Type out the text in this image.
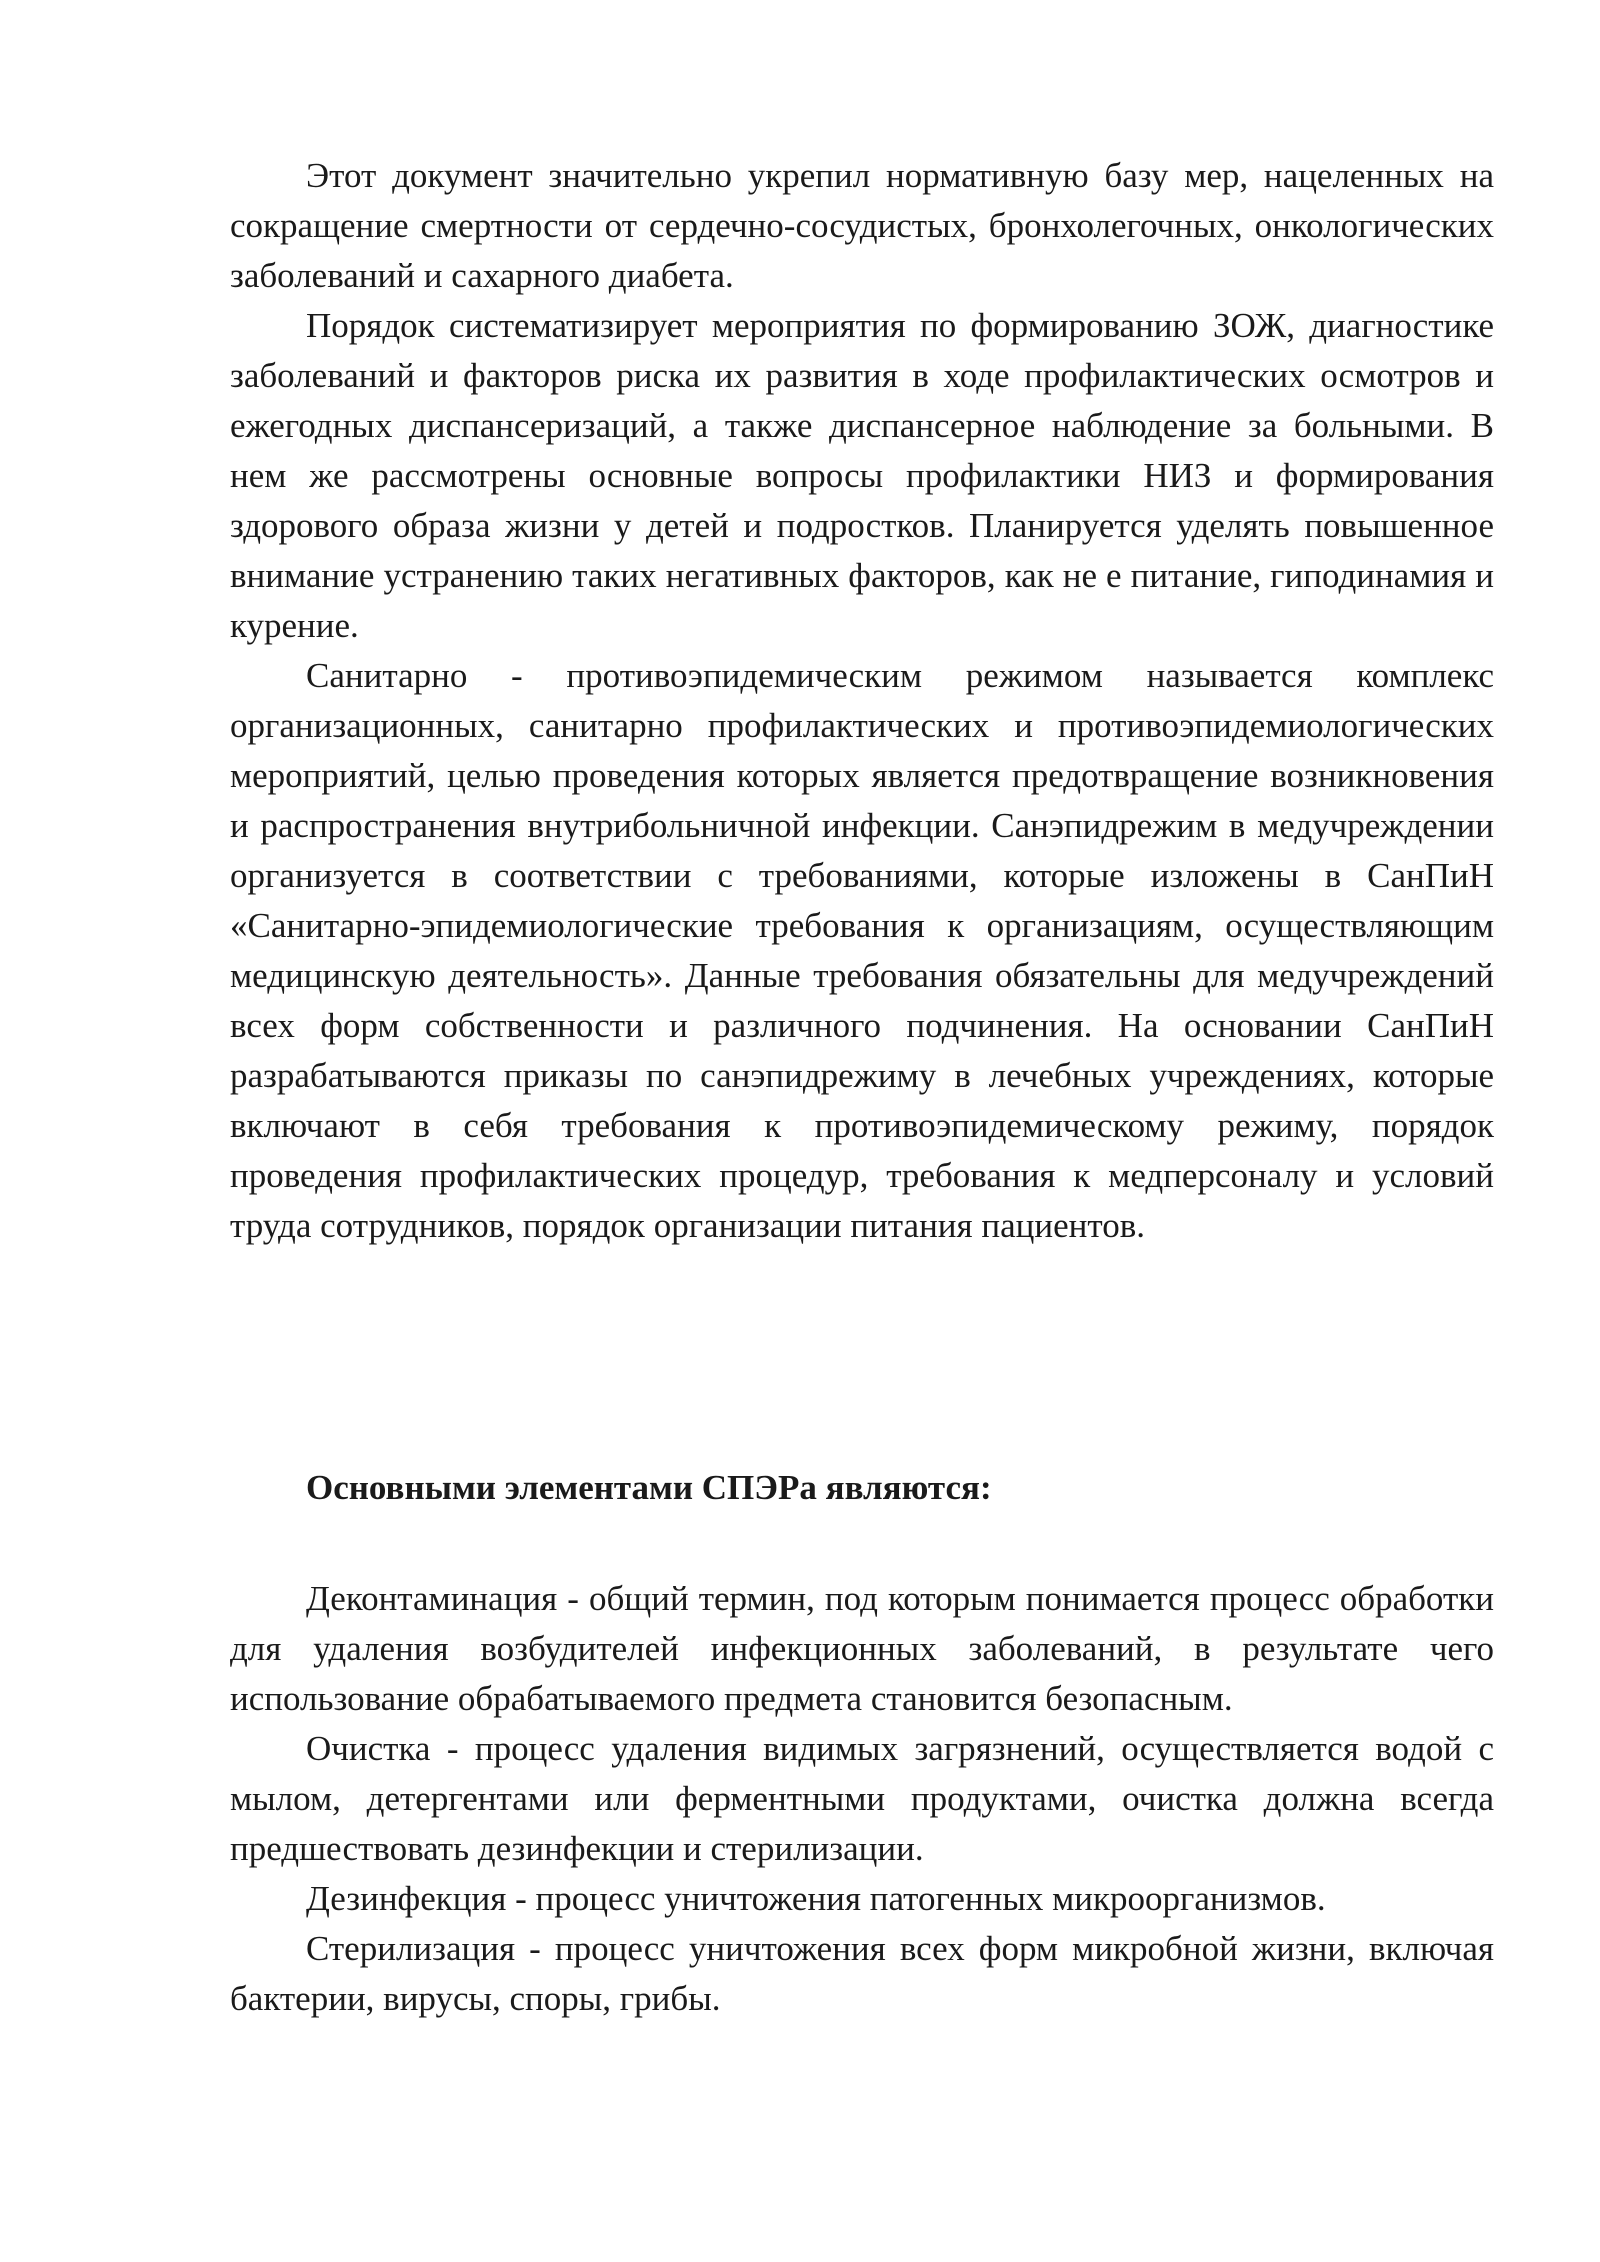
Этот документ значительно укрепил нормативную базу мер, нацеленных на сокращение смертности от сердечно-сосудистых, бронхолегочных, онкологических заболеваний и сахарного диабета.

Порядок систематизирует мероприятия по формированию ЗОЖ, диагностике заболеваний и факторов риска их развития в ходе профилактических осмотров и ежегодных диспансеризаций, а также диспансерное наблюдение за больными. В нем же рассмотрены основные вопросы профилактики НИЗ и формирования здорового образа жизни у детей и подростков. Планируется уделять повышенное внимание устранению таких негативных факторов, как не е питание, гиподинамия и курение.

Санитарно - противоэпидемическим режимом называется комплекс организационных, санитарно профилактических и противоэпидемиологических мероприятий, целью проведения которых является предотвращение возникновения и распространения внутрибольничной инфекции. Санэпидрежим в медучреждении организуется в соответствии с требованиями, которые изложены в СанПиН «Санитарно-эпидемиологические требования к организациям, осуществляющим медицинскую деятельность». Данные требования обязательны для медучреждений всех форм собственности и различного подчинения. На основании СанПиН разрабатываются приказы по санэпидрежиму в лечебных учреждениях, которые включают в себя требования к противоэпидемическому режиму, порядок проведения профилактических процедур, требования к медперсоналу и условий труда сотрудников, порядок организации питания пациентов.

Основными элементами СПЭРа являются:

Деконтаминация - общий термин, под которым понимается процесс обработки для удаления возбудителей инфекционных заболеваний, в результате чего использование обрабатываемого предмета становится безопасным.

Очистка - процесс удаления видимых загрязнений, осуществляется водой с мылом, детергентами или ферментными продуктами, очистка должна всегда предшествовать дезинфекции и стерилизации.

Дезинфекция - процесс уничтожения патогенных микроорганизмов.

Стерилизация - процесс уничтожения всех форм микробной жизни, включая бактерии, вирусы, споры, грибы.
